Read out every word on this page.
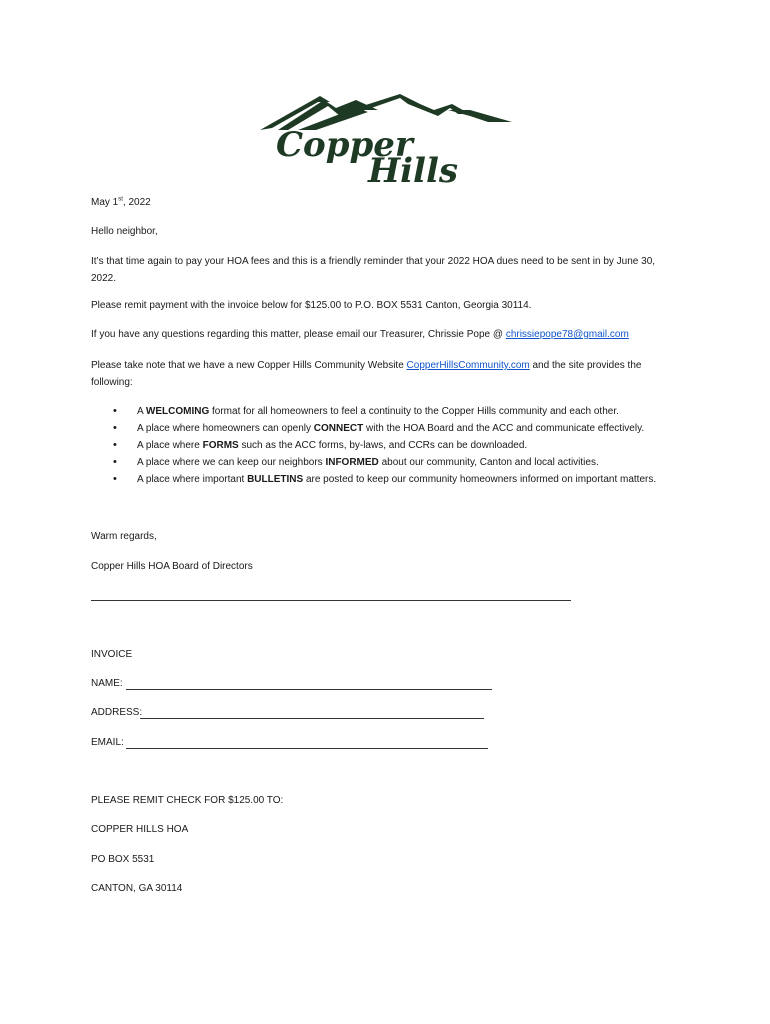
Copper
Hills
May 1st, 2022
Hello neighbor,
It’s that time again to pay your HOA fees and this is a friendly reminder that your 2022 HOA dues need to be sent in by June 30, 2022.
Please remit payment with the invoice below for $125.00 to P.O. BOX 5531 Canton, Georgia 30114.
If you have any questions regarding this matter, please email our Treasurer, Chrissie Pope @ chrissiepope78@gmail.com
Please take note that we have a new Copper Hills Community Website CopperHillsCommunity.com and the site provides the following:
• A WELCOMING format for all homeowners to feel a continuity to the Copper Hills community and each other.
• A place where homeowners can openly CONNECT with the HOA Board and the ACC and communicate effectively.
• A place where FORMS such as the ACC forms, by-laws, and CCRs can be downloaded.
• A place where we can keep our neighbors INFORMED about our community, Canton and local activities.
• A place where important BULLETINS are posted to keep our community homeowners informed on important matters.
Warm regards,
Copper Hills HOA Board of Directors
INVOICE
NAME:
ADDRESS:
EMAIL:
PLEASE REMIT CHECK FOR $125.00 TO:
COPPER HILLS HOA
PO BOX 5531
CANTON, GA 30114
